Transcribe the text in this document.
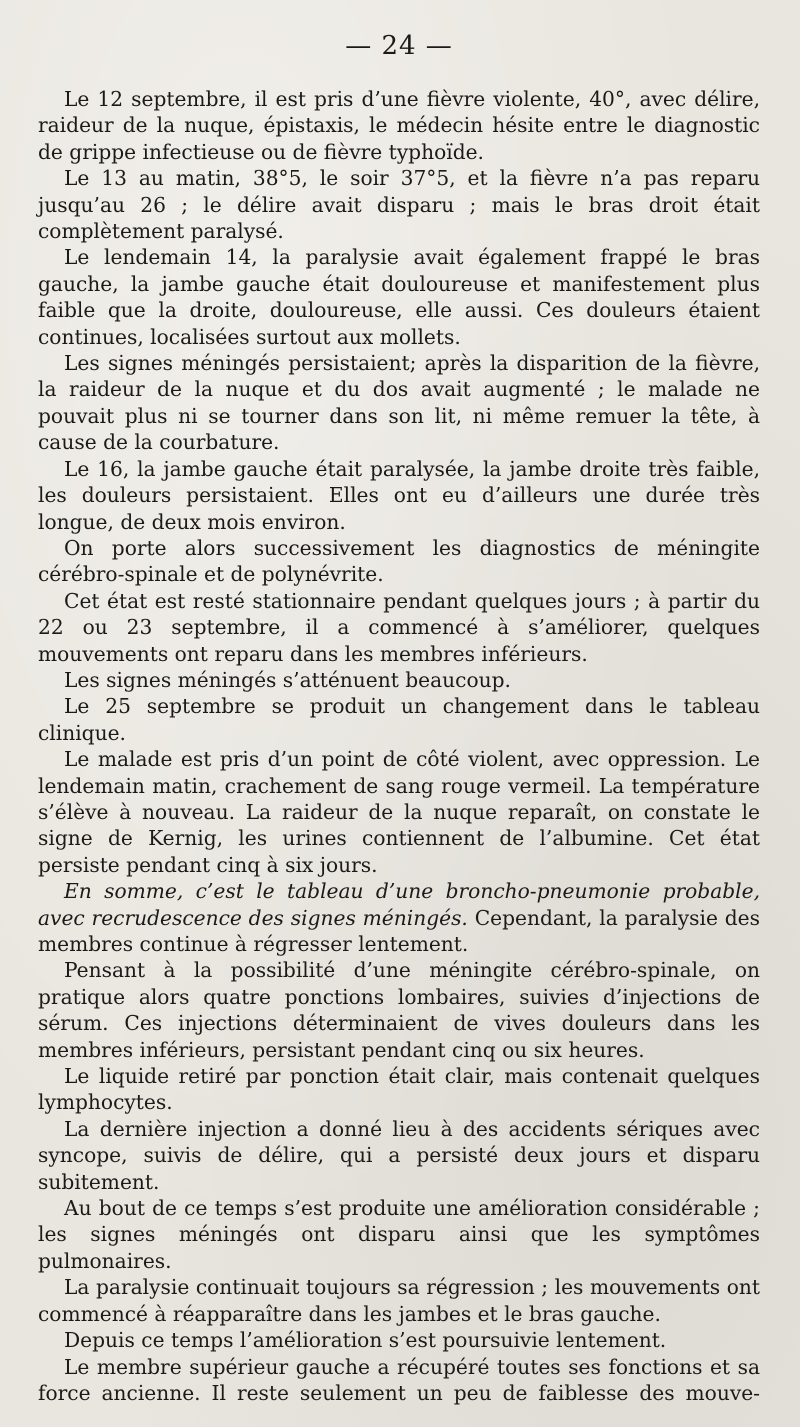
— 24 —

Le 12 septembre, il est pris d’une fièvre violente, 40°, avec délire, raideur de la nuque, épistaxis, le médecin hésite entre le diagnostic de grippe infectieuse ou de fièvre typhoïde.

Le 13 au matin, 38°5, le soir 37°5, et la fièvre n’a pas reparu jusqu’au 26 ; le délire avait disparu ; mais le bras droit était complètement paralysé.

Le lendemain 14, la paralysie avait également frappé le bras gauche, la jambe gauche était douloureuse et manifestement plus faible que la droite, douloureuse, elle aussi. Ces douleurs étaient continues, localisées surtout aux mollets.

Les signes méningés persistaient; après la disparition de la fièvre, la raideur de la nuque et du dos avait augmenté ; le malade ne pouvait plus ni se tourner dans son lit, ni même remuer la tête, à cause de la courbature.

Le 16, la jambe gauche était paralysée, la jambe droite très faible, les douleurs persistaient. Elles ont eu d’ailleurs une durée très longue, de deux mois environ.

On porte alors successivement les diagnostics de méningite cérébro-spinale et de polynévrite.

Cet état est resté stationnaire pendant quelques jours ; à partir du 22 ou 23 septembre, il a commencé à s’améliorer, quelques mouvements ont reparu dans les membres inférieurs.

Les signes méningés s’atténuent beaucoup.

Le 25 septembre se produit un changement dans le tableau clinique.

Le malade est pris d’un point de côté violent, avec oppression. Le lendemain matin, crachement de sang rouge vermeil. La température s’élève à nouveau. La raideur de la nuque reparaît, on constate le signe de Kernig, les urines contiennent de l’albumine. Cet état persiste pendant cinq à six jours.

En somme, c’est le tableau d’une broncho-pneumonie probable, avec recrudescence des signes méningés. Cependant, la paralysie des membres continue à régresser lentement.

Pensant à la possibilité d’une méningite cérébro-spinale, on pratique alors quatre ponctions lombaires, suivies d’injections de sérum. Ces injections déterminaient de vives douleurs dans les membres inférieurs, persistant pendant cinq ou six heures.

Le liquide retiré par ponction était clair, mais contenait quelques lymphocytes.

La dernière injection a donné lieu à des accidents sériques avec syncope, suivis de délire, qui a persisté deux jours et disparu subitement.

Au bout de ce temps s’est produite une amélioration considérable ; les signes méningés ont disparu ainsi que les symptômes pulmonaires.

La paralysie continuait toujours sa régression ; les mouvements ont commencé à réapparaître dans les jambes et le bras gauche.

Depuis ce temps l’amélioration s’est poursuivie lentement.

Le membre supérieur gauche a récupéré toutes ses fonctions et sa force ancienne. Il reste seulement un peu de faiblesse des mouve-
